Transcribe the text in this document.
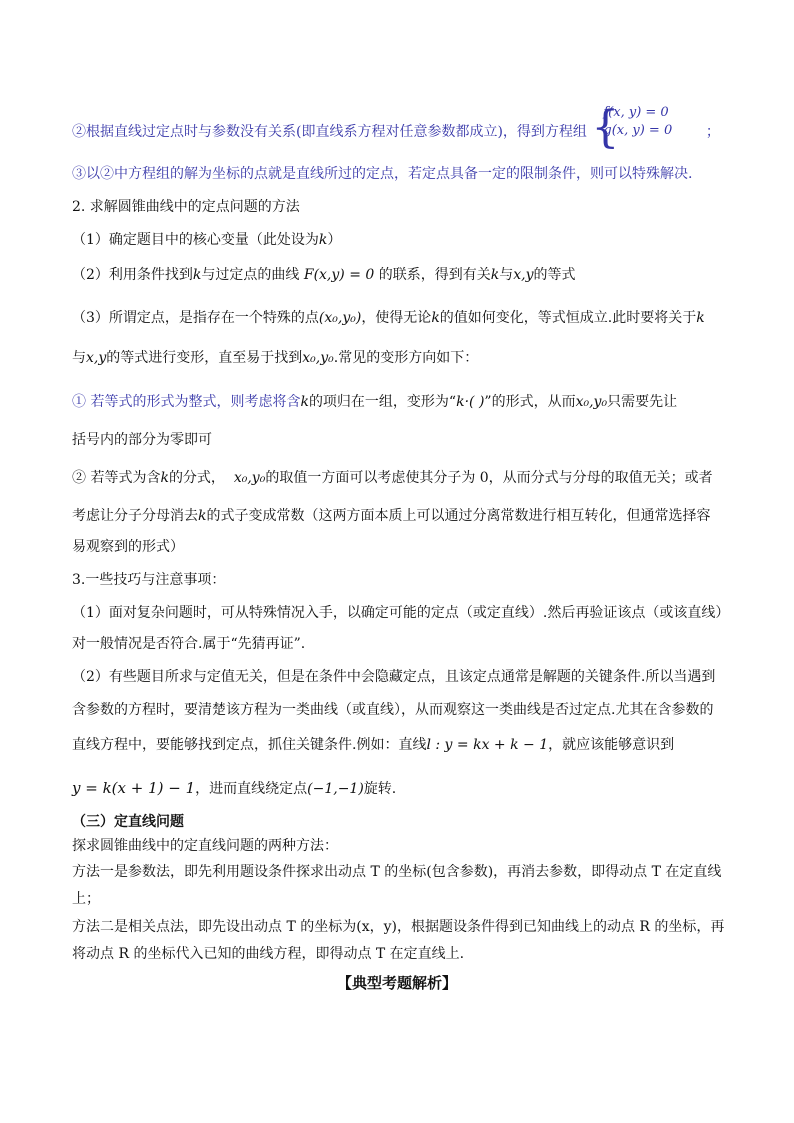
②根据直线过定点时与参数没有关系(即直线系方程对任意参数都成立)，得到方程组 {
f(x, y) = 0
g(x, y) = 0 ；
③以②中方程组的解为坐标的点就是直线所过的定点，若定点具备一定的限制条件，则可以特殊解决.
2. 求解圆锥曲线中的定点问题的方法
（1）确定题目中的核心变量（此处设为k）
（2）利用条件找到k与过定点的曲线 F(x,y) = 0 的联系，得到有关k与x,y的等式
（3）所谓定点，是指存在一个特殊的点(x₀,y₀)，使得无论k的值如何变化，等式恒成立.此时要将关于k
与x,y的等式进行变形，直至易于找到x₀,y₀.常见的变形方向如下：
① 若等式的形式为整式，则考虑将含k的项归在一组，变形为“k·( )”的形式，从而x₀,y₀只需要先让
括号内的部分为零即可
② 若等式为含k的分式， x₀,y₀的取值一方面可以考虑使其分子为 0，从而分式与分母的取值无关；或者
考虑让分子分母消去k的式子变成常数（这两方面本质上可以通过分离常数进行相互转化，但通常选择容
易观察到的形式）
3.一些技巧与注意事项：
（1）面对复杂问题时，可从特殊情况入手，以确定可能的定点（或定直线）.然后再验证该点（或该直线）
对一般情况是否符合.属于“先猜再证”.
（2）有些题目所求与定值无关，但是在条件中会隐藏定点，且该定点通常是解题的关键条件.所以当遇到
含参数的方程时，要清楚该方程为一类曲线（或直线），从而观察这一类曲线是否过定点.尤其在含参数的
直线方程中，要能够找到定点，抓住关键条件.例如：直线l : y = kx + k − 1，就应该能够意识到
y = k(x + 1) − 1，进而直线绕定点(−1,−1)旋转.
（三）定直线问题
探求圆锥曲线中的定直线问题的两种方法：
方法一是参数法，即先利用题设条件探求出动点 T 的坐标(包含参数)，再消去参数，即得动点 T 在定直线
上；
方法二是相关点法，即先设出动点 T 的坐标为(x，y)，根据题设条件得到已知曲线上的动点 R 的坐标，再
将动点 R 的坐标代入已知的曲线方程，即得动点 T 在定直线上.
【典型考题解析】
